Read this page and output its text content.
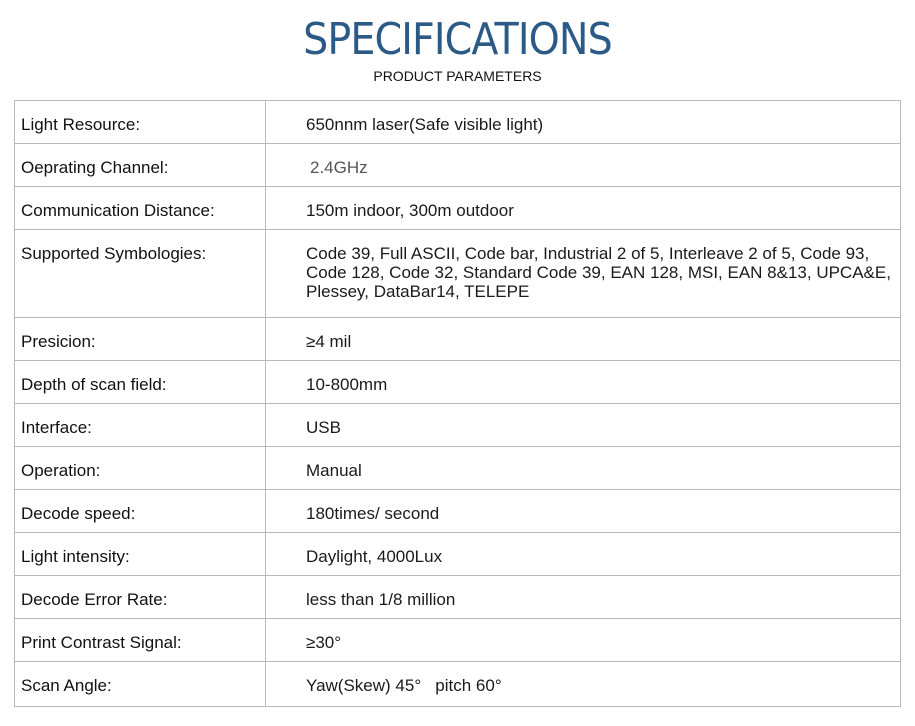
SPECIFICATIONS
PRODUCT PARAMETERS
Light Resource:	650nnm laser(Safe visible light)
Oeprating Channel:	2.4GHz
Communication Distance:	150m indoor, 300m outdoor
Supported Symbologies:	Code 39, Full ASCII, Code bar, Industrial 2 of 5, Interleave 2 of 5, Code 93, Code 128, Code 32, Standard Code 39, EAN 128, MSI, EAN 8&13, UPCA&E, Plessey, DataBar14, TELEPE
Presicion:	≥4 mil
Depth of scan field:	10-800mm
Interface:	USB
Operation:	Manual
Decode speed:	180times/ second
Light intensity:	Daylight, 4000Lux
Decode Error Rate:	less than 1/8 million
Print Contrast Signal:	≥30°
Scan Angle:	Yaw(Skew) 45°   pitch 60°
